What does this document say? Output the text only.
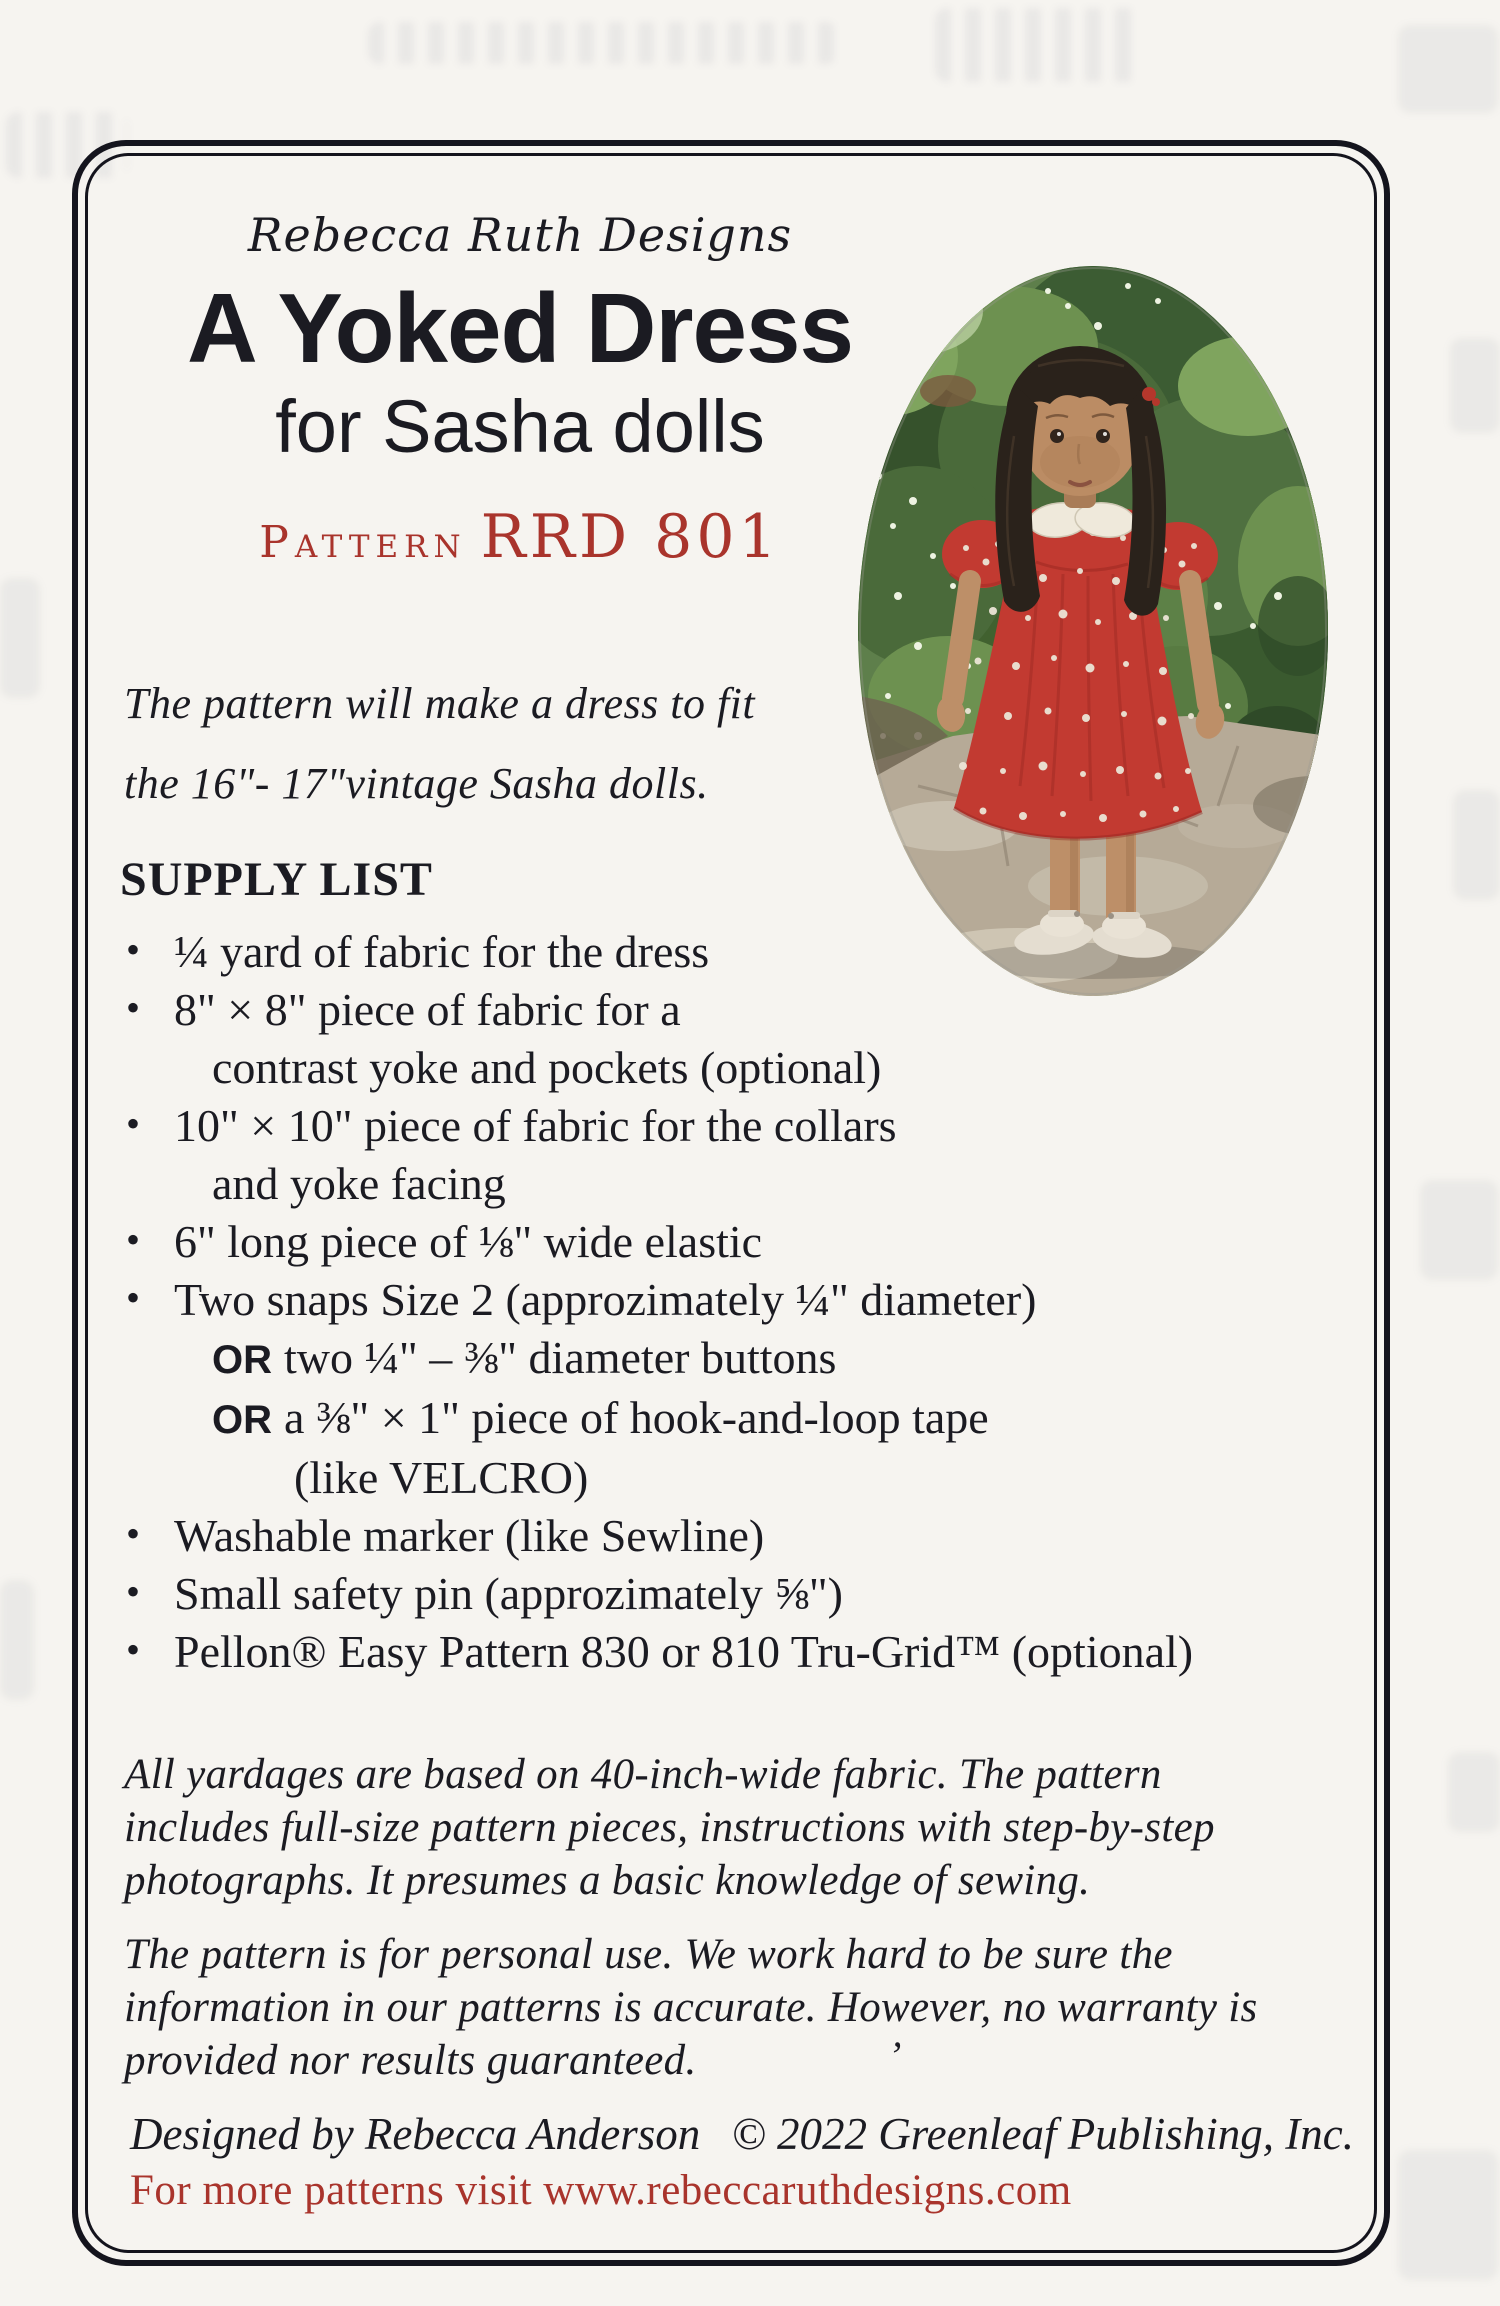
Rebecca Ruth Designs
A Yoked Dress
for Sasha dolls
Pattern RRD 801
The pattern will make a dress to fit
the 16"- 17"vintage Sasha dolls.
SUPPLY LIST
• ¼ yard of fabric for the dress
• 8" × 8" piece of fabric for a
contrast yoke and pockets (optional)
• 10" × 10" piece of fabric for the collars
and yoke facing
• 6" long piece of ⅛" wide elastic
• Two snaps Size 2 (approzimately ¼" diameter)
OR two ¼" – ⅜" diameter buttons
OR a ⅜" × 1" piece of hook-and-loop tape
(like VELCRO)
• Washable marker (like Sewline)
• Small safety pin (approzimately ⅝")
• Pellon® Easy Pattern 830 or 810 Tru-Grid™ (optional)
All yardages are based on 40-inch-wide fabric. The pattern
includes full-size pattern pieces, instructions with step-by-step
photographs. It presumes a basic knowledge of sewing.
The pattern is for personal use. We work hard to be sure the
information in our patterns is accurate. However, no warranty is
provided nor results guaranteed.	’
Designed by Rebecca Anderson © 2022 Greenleaf Publishing, Inc.
For more patterns visit www.rebeccaruthdesigns.com
